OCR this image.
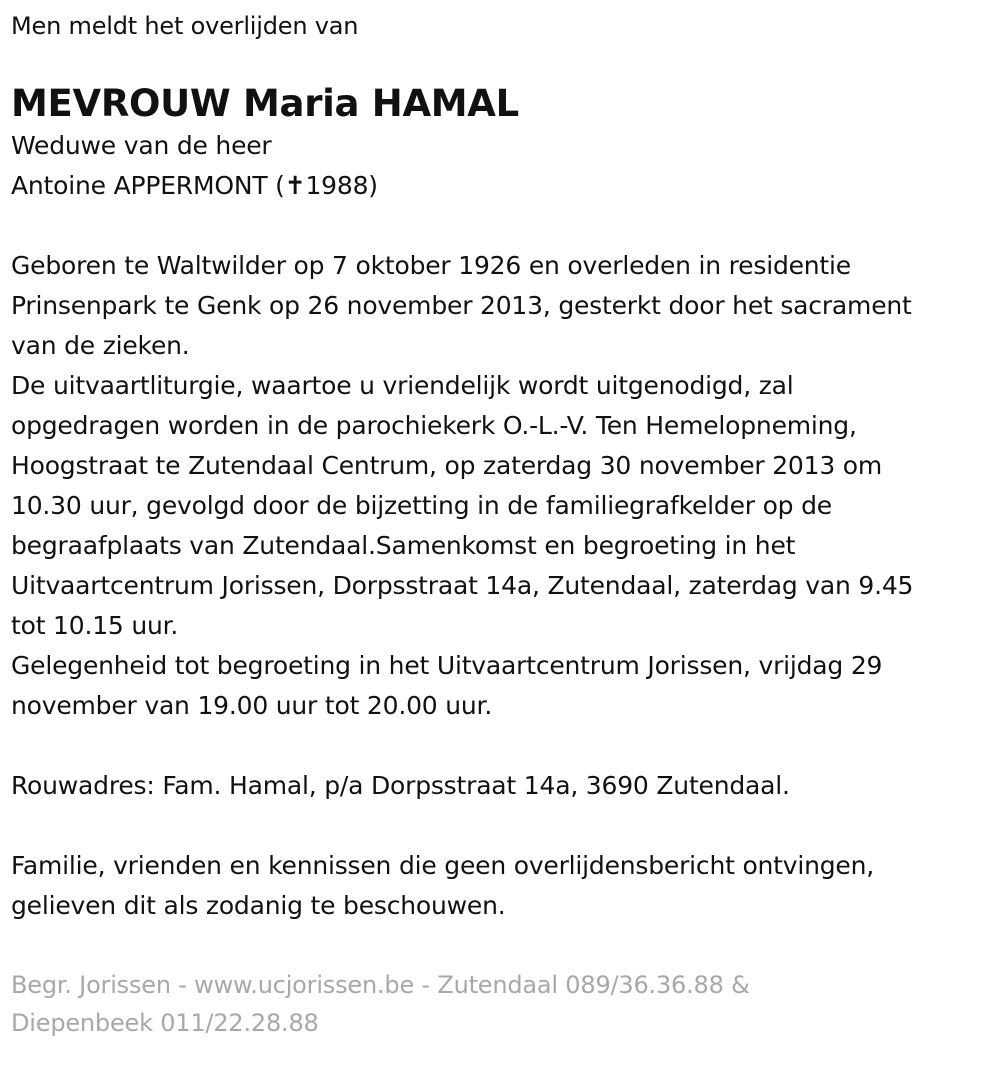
Men meldt het overlijden van

MEVROUW Maria HAMAL

Weduwe van de heer

Antoine APPERMONT (✝1988)

Geboren te Waltwilder op 7 oktober 1926 en overleden in residentie

Prinsenpark te Genk op 26 november 2013, gesterkt door het sacrament

van de zieken.

De uitvaartliturgie, waartoe u vriendelijk wordt uitgenodigd, zal

opgedragen worden in de parochiekerk O.-L.-V. Ten Hemelopneming,

Hoogstraat te Zutendaal Centrum, op zaterdag 30 november 2013 om

10.30 uur, gevolgd door de bijzetting in de familiegrafkelder op de

begraafplaats van Zutendaal.Samenkomst en begroeting in het

Uitvaartcentrum Jorissen, Dorpsstraat 14a, Zutendaal, zaterdag van 9.45

tot 10.15 uur.

Gelegenheid tot begroeting in het Uitvaartcentrum Jorissen, vrijdag 29

november van 19.00 uur tot 20.00 uur.

Rouwadres: Fam. Hamal, p/a Dorpsstraat 14a, 3690 Zutendaal.

Familie, vrienden en kennissen die geen overlijdensbericht ontvingen,

gelieven dit als zodanig te beschouwen.

Begr. Jorissen - www.ucjorissen.be - Zutendaal 089/36.36.88 &

Diepenbeek 011/22.28.88
